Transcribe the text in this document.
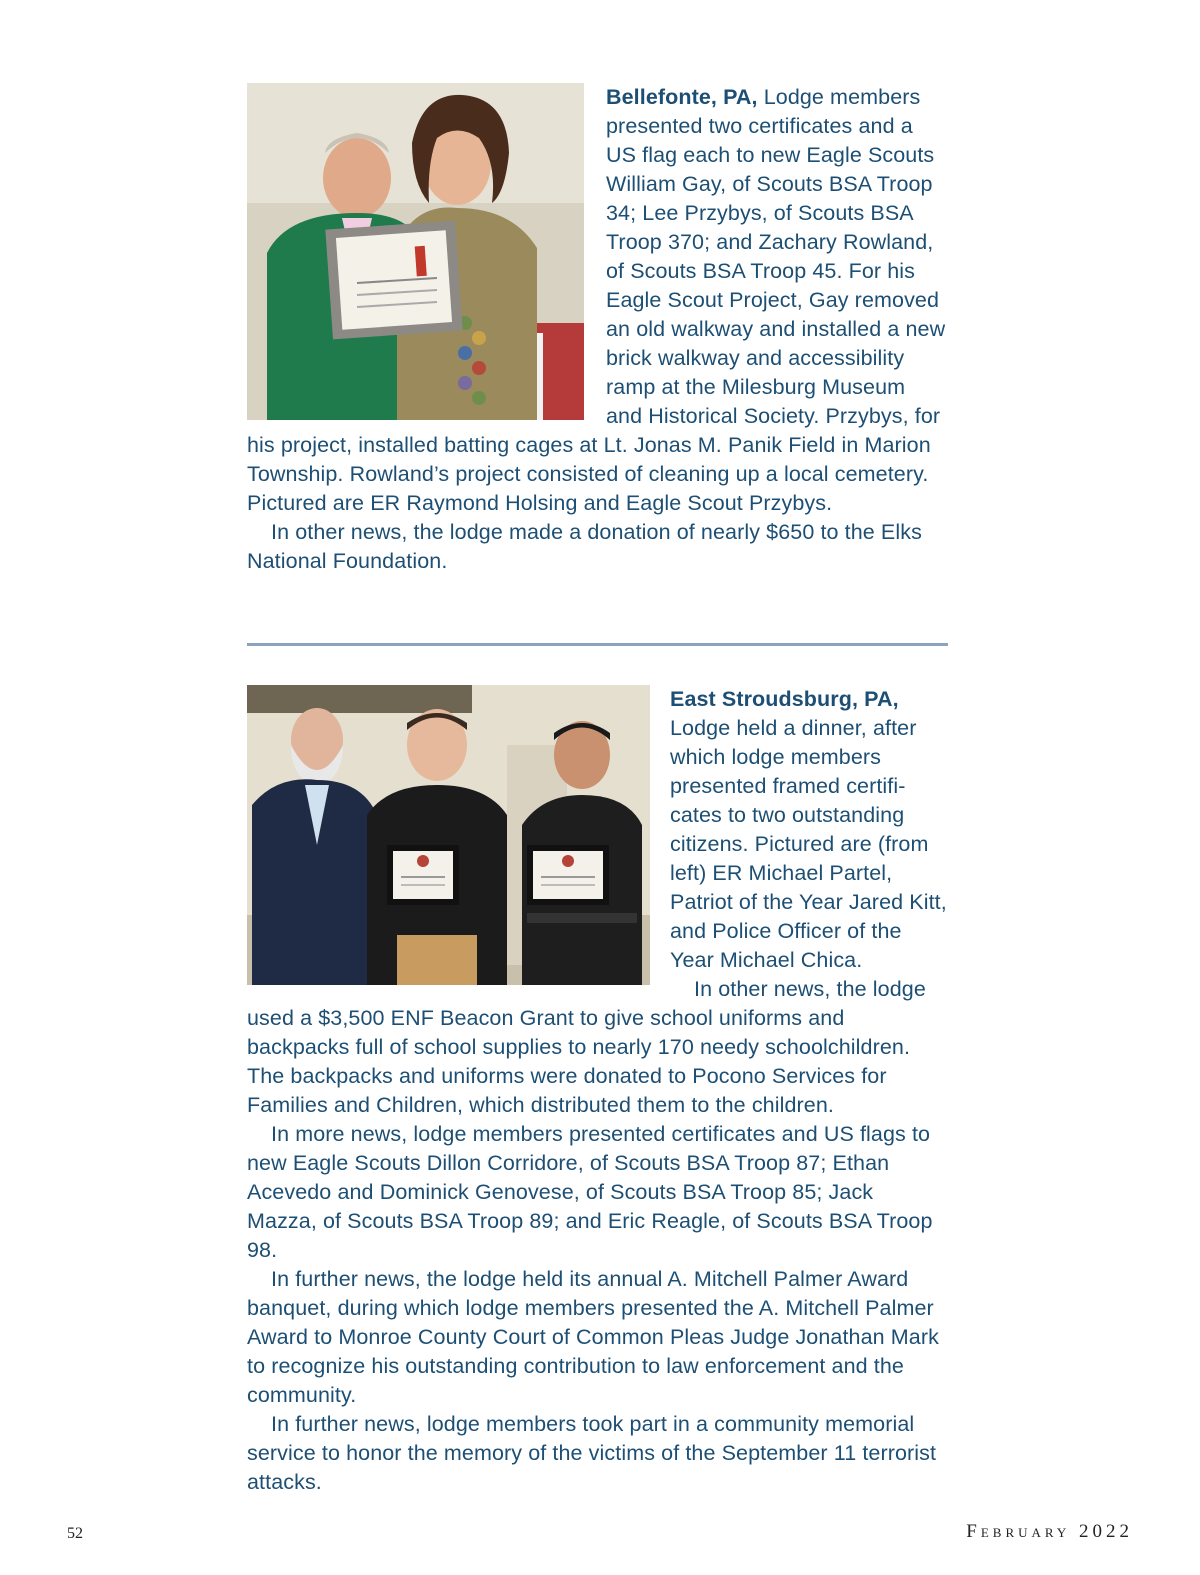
Bellefonte, PA, Lodge members presented two certificates and a US flag each to new Eagle Scouts William Gay, of Scouts BSA Troop 34; Lee Przybys, of Scouts BSA Troop 370; and Zachary Rowland, of Scouts BSA Troop 45. For his Eagle Scout Project, Gay removed an old walkway and installed a new brick walkway and accessibility ramp at the Milesburg Museum and Historical Society. Przybys, for his project, installed batting cages at Lt. Jonas M. Panik Field in Marion Township. Rowland’s project consisted of cleaning up a local cemetery. Pictured are ER Raymond Holsing and Eagle Scout Przybys.

In other news, the lodge made a donation of nearly $650 to the Elks National Foundation.

East Stroudsburg, PA, Lodge held a dinner, after which lodge members presented framed certificates to two outstanding citizens. Pictured are (from left) ER Michael Partel, Patriot of the Year Jared Kitt, and Police Officer of the Year Michael Chica.

In other news, the lodge used a $3,500 ENF Beacon Grant to give school uniforms and backpacks full of school supplies to nearly 170 needy schoolchildren. The backpacks and uniforms were donated to Pocono Services for Families and Children, which distributed them to the children.

In more news, lodge members presented certificates and US flags to new Eagle Scouts Dillon Corridore, of Scouts BSA Troop 87; Ethan Acevedo and Dominick Genovese, of Scouts BSA Troop 85; Jack Mazza, of Scouts BSA Troop 89; and Eric Reagle, of Scouts BSA Troop 98.

In further news, the lodge held its annual A. Mitchell Palmer Award banquet, during which lodge members presented the A. Mitchell Palmer Award to Monroe County Court of Common Pleas Judge Jonathan Mark to recognize his outstanding contribution to law enforcement and the community.

In further news, lodge members took part in a community memorial service to honor the memory of the victims of the September 11 terrorist attacks.

52	February 2022
